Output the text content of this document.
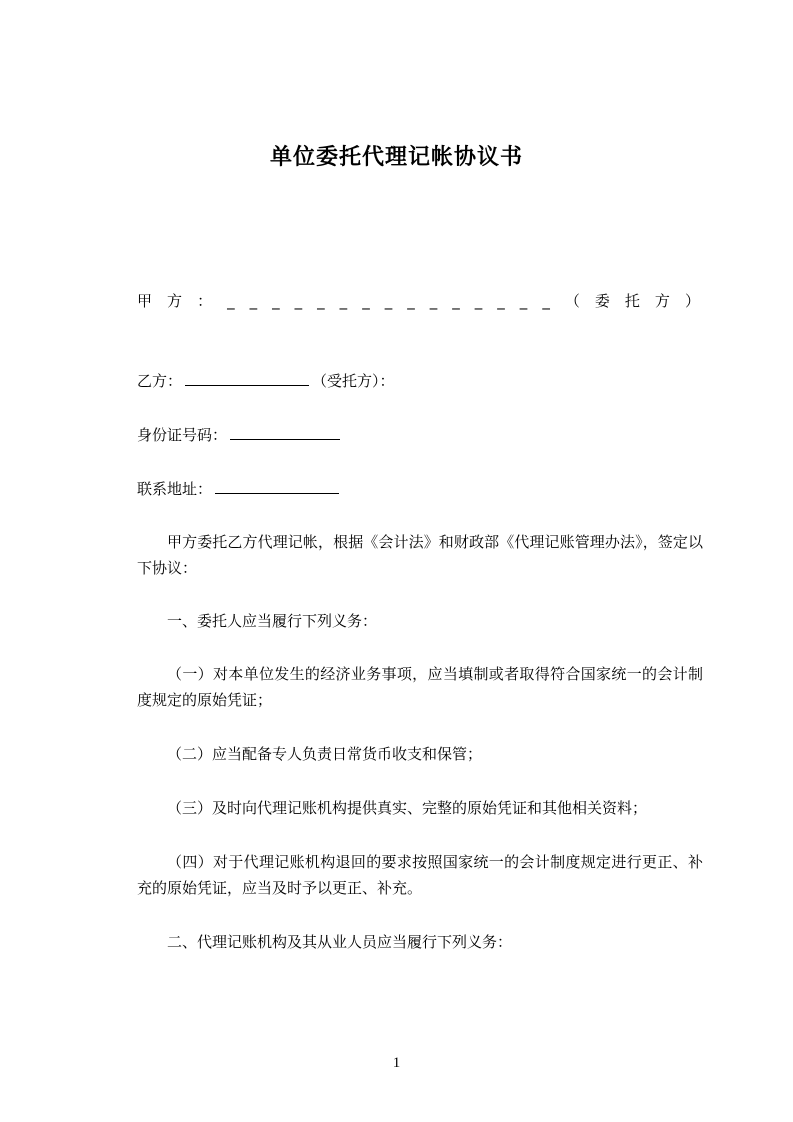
单位委托代理记帐协议书
甲 方 ： _ _ _ _ _ _ _ _ _ _ _ _ _ _ _ （ 委 托 方 ）
乙方：	（受托方）：
身份证号码：
联系地址：
甲方委托乙方代理记帐，根据《会计法》和财政部《代理记账管理办法》，签定以下协议：
一、委托人应当履行下列义务：
（一）对本单位发生的经济业务事项，应当填制或者取得符合国家统一的会计制度规定的原始凭证；
（二）应当配备专人负责日常货币收支和保管；
（三）及时向代理记账机构提供真实、完整的原始凭证和其他相关资料；
（四）对于代理记账机构退回的要求按照国家统一的会计制度规定进行更正、补充的原始凭证，应当及时予以更正、补充。
二、代理记账机构及其从业人员应当履行下列义务：
1
